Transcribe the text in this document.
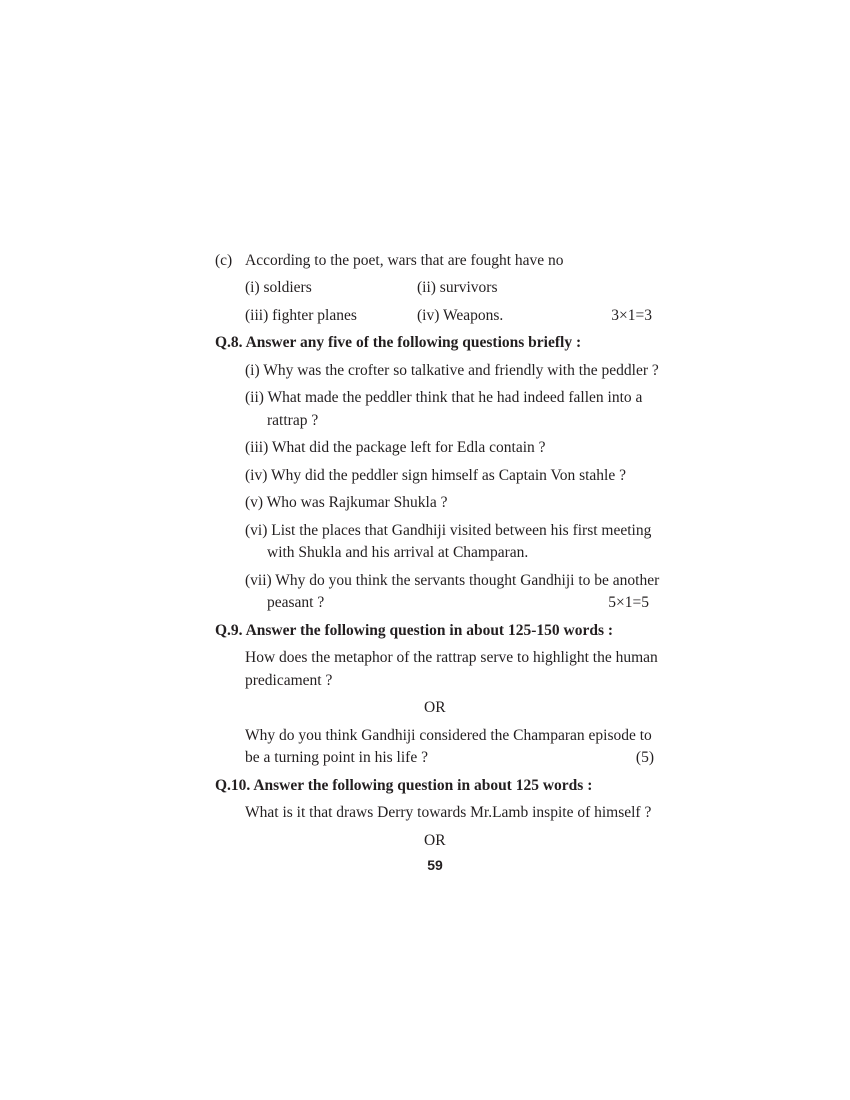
(c) According to the poet, wars that are fought have no
(i) soldiers	(ii) survivors
(iii) fighter planes	(iv) Weapons.	3×1=3
Q.8. Answer any five of the following questions briefly :
(i) Why was the crofter so talkative and friendly with the peddler ?
(ii) What made the peddler think that he had indeed fallen into a
rattrap ?
(iii) What did the package left for Edla contain ?
(iv) Why did the peddler sign himself as Captain Von stahle ?
(v) Who was Rajkumar Shukla ?
(vi) List the places that Gandhiji visited between his first meeting
with Shukla and his arrival at Champaran.
(vii) Why do you think the servants thought Gandhiji to be another
peasant ?	5×1=5
Q.9. Answer the following question in about 125-150 words :
How does the metaphor of the rattrap serve to highlight the human
predicament ?
OR
Why do you think Gandhiji considered the Champaran episode to
be a turning point in his life ?	(5)
Q.10. Answer the following question in about 125 words :
What is it that draws Derry towards Mr.Lamb inspite of himself ?
OR
59
